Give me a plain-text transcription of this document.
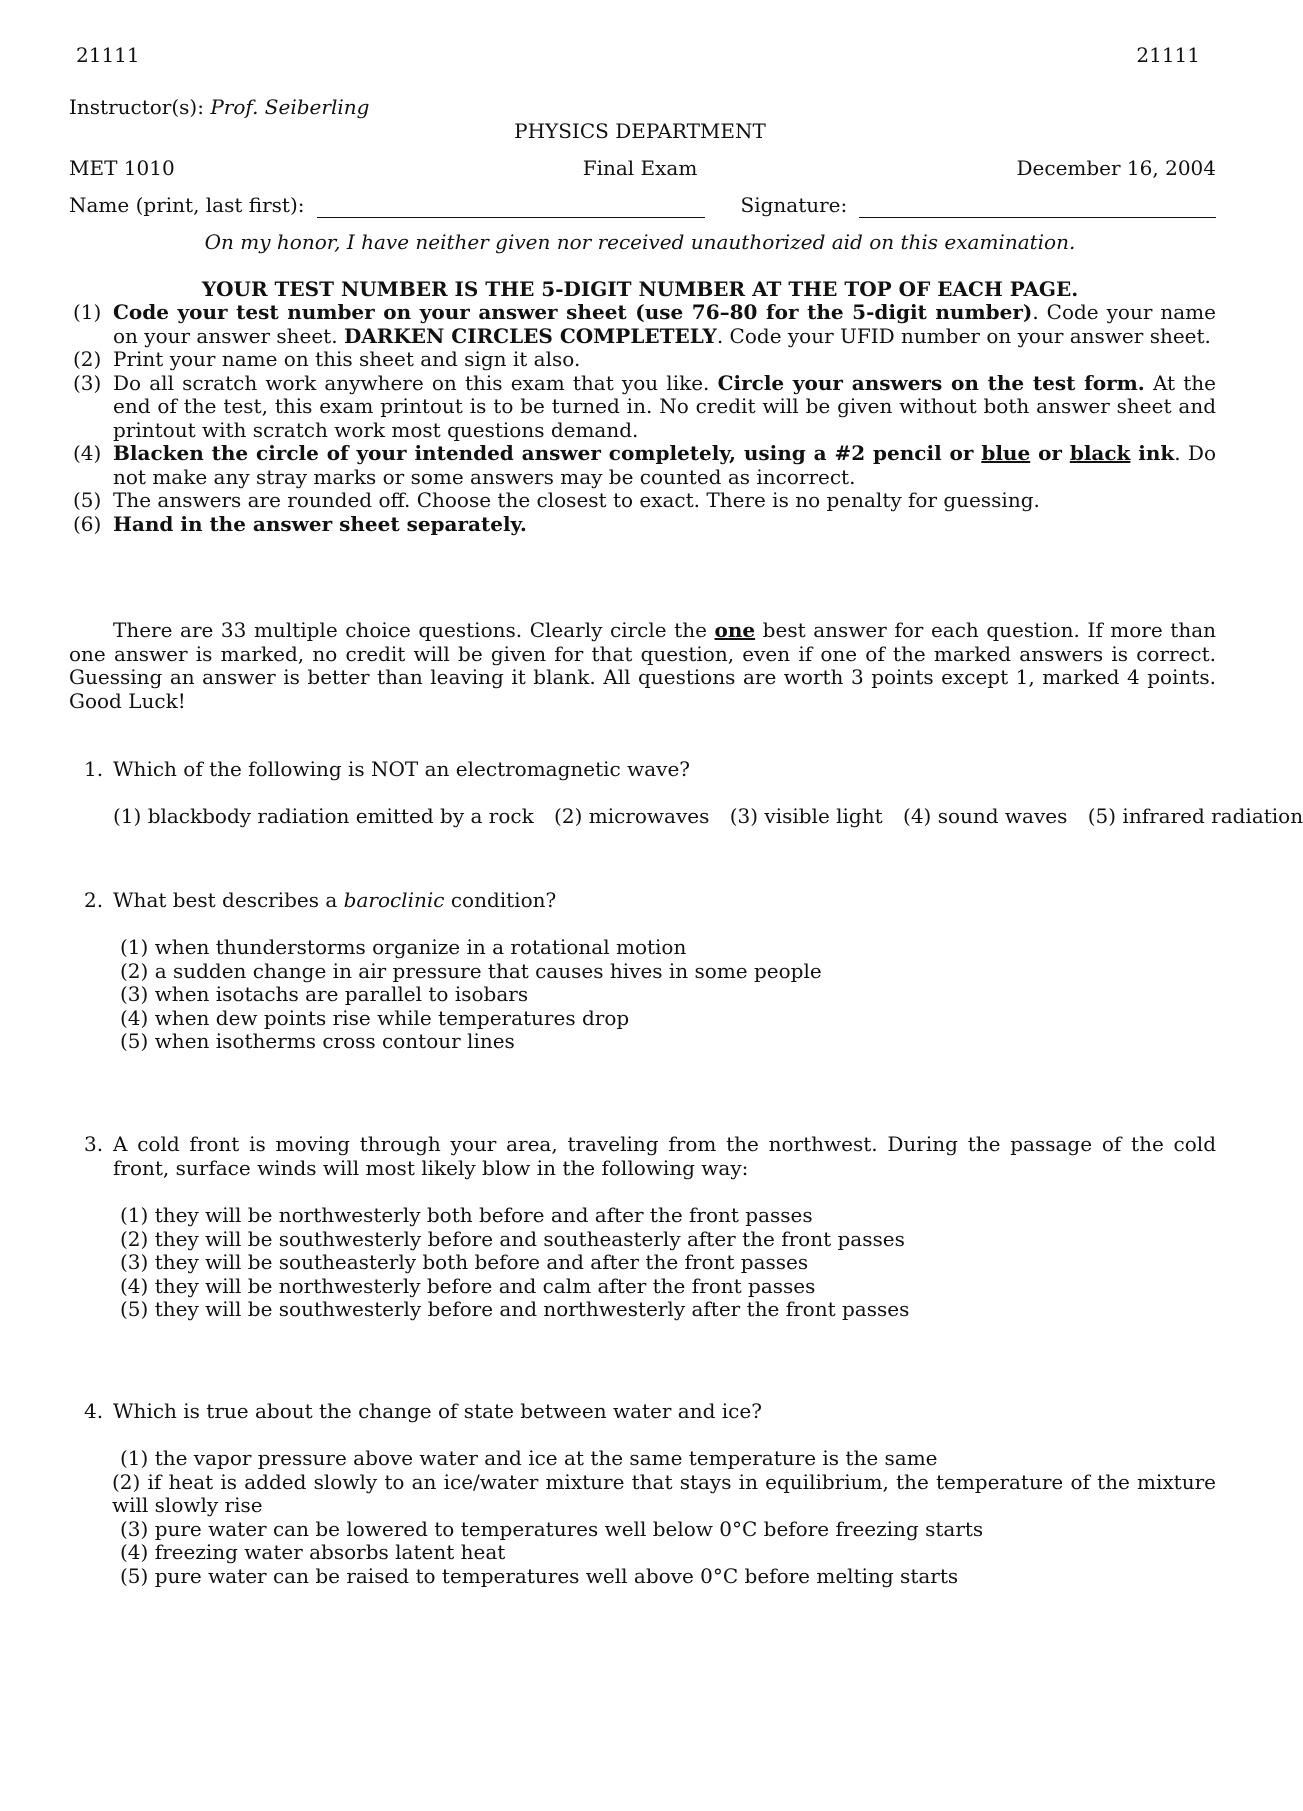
21111	21111
Instructor(s): Prof. Seiberling
PHYSICS DEPARTMENT
MET 1010	Final Exam	December 16, 2004
Name (print, last first):	Signature:
On my honor, I have neither given nor received unauthorized aid on this examination.
YOUR TEST NUMBER IS THE 5-DIGIT NUMBER AT THE TOP OF EACH PAGE.
(1) Code your test number on your answer sheet (use 76–80 for the 5-digit number). Code your name on your answer sheet. DARKEN CIRCLES COMPLETELY. Code your UFID number on your answer sheet.
(2) Print your name on this sheet and sign it also.
(3) Do all scratch work anywhere on this exam that you like. Circle your answers on the test form. At the end of the test, this exam printout is to be turned in. No credit will be given without both answer sheet and printout with scratch work most questions demand.
(4) Blacken the circle of your intended answer completely, using a #2 pencil or blue or black ink. Do not make any stray marks or some answers may be counted as incorrect.
(5) The answers are rounded off. Choose the closest to exact. There is no penalty for guessing.
(6) Hand in the answer sheet separately.
There are 33 multiple choice questions. Clearly circle the one best answer for each question. If more than one answer is marked, no credit will be given for that question, even if one of the marked answers is correct. Guessing an answer is better than leaving it blank. All questions are worth 3 points except 1, marked 4 points. Good Luck!
1. Which of the following is NOT an electromagnetic wave?
(1) blackbody radiation emitted by a rock (2) microwaves (3) visible light (4) sound waves (5) infrared radiation
2. What best describes a baroclinic condition?
(1) when thunderstorms organize in a rotational motion
(2) a sudden change in air pressure that causes hives in some people
(3) when isotachs are parallel to isobars
(4) when dew points rise while temperatures drop
(5) when isotherms cross contour lines
3. A cold front is moving through your area, traveling from the northwest. During the passage of the cold front, surface winds will most likely blow in the following way:
(1) they will be northwesterly both before and after the front passes
(2) they will be southwesterly before and southeasterly after the front passes
(3) they will be southeasterly both before and after the front passes
(4) they will be northwesterly before and calm after the front passes
(5) they will be southwesterly before and northwesterly after the front passes
4. Which is true about the change of state between water and ice?
(1) the vapor pressure above water and ice at the same temperature is the same
(2) if heat is added slowly to an ice/water mixture that stays in equilibrium, the temperature of the mixture will slowly rise
(3) pure water can be lowered to temperatures well below 0°C before freezing starts
(4) freezing water absorbs latent heat
(5) pure water can be raised to temperatures well above 0°C before melting starts
